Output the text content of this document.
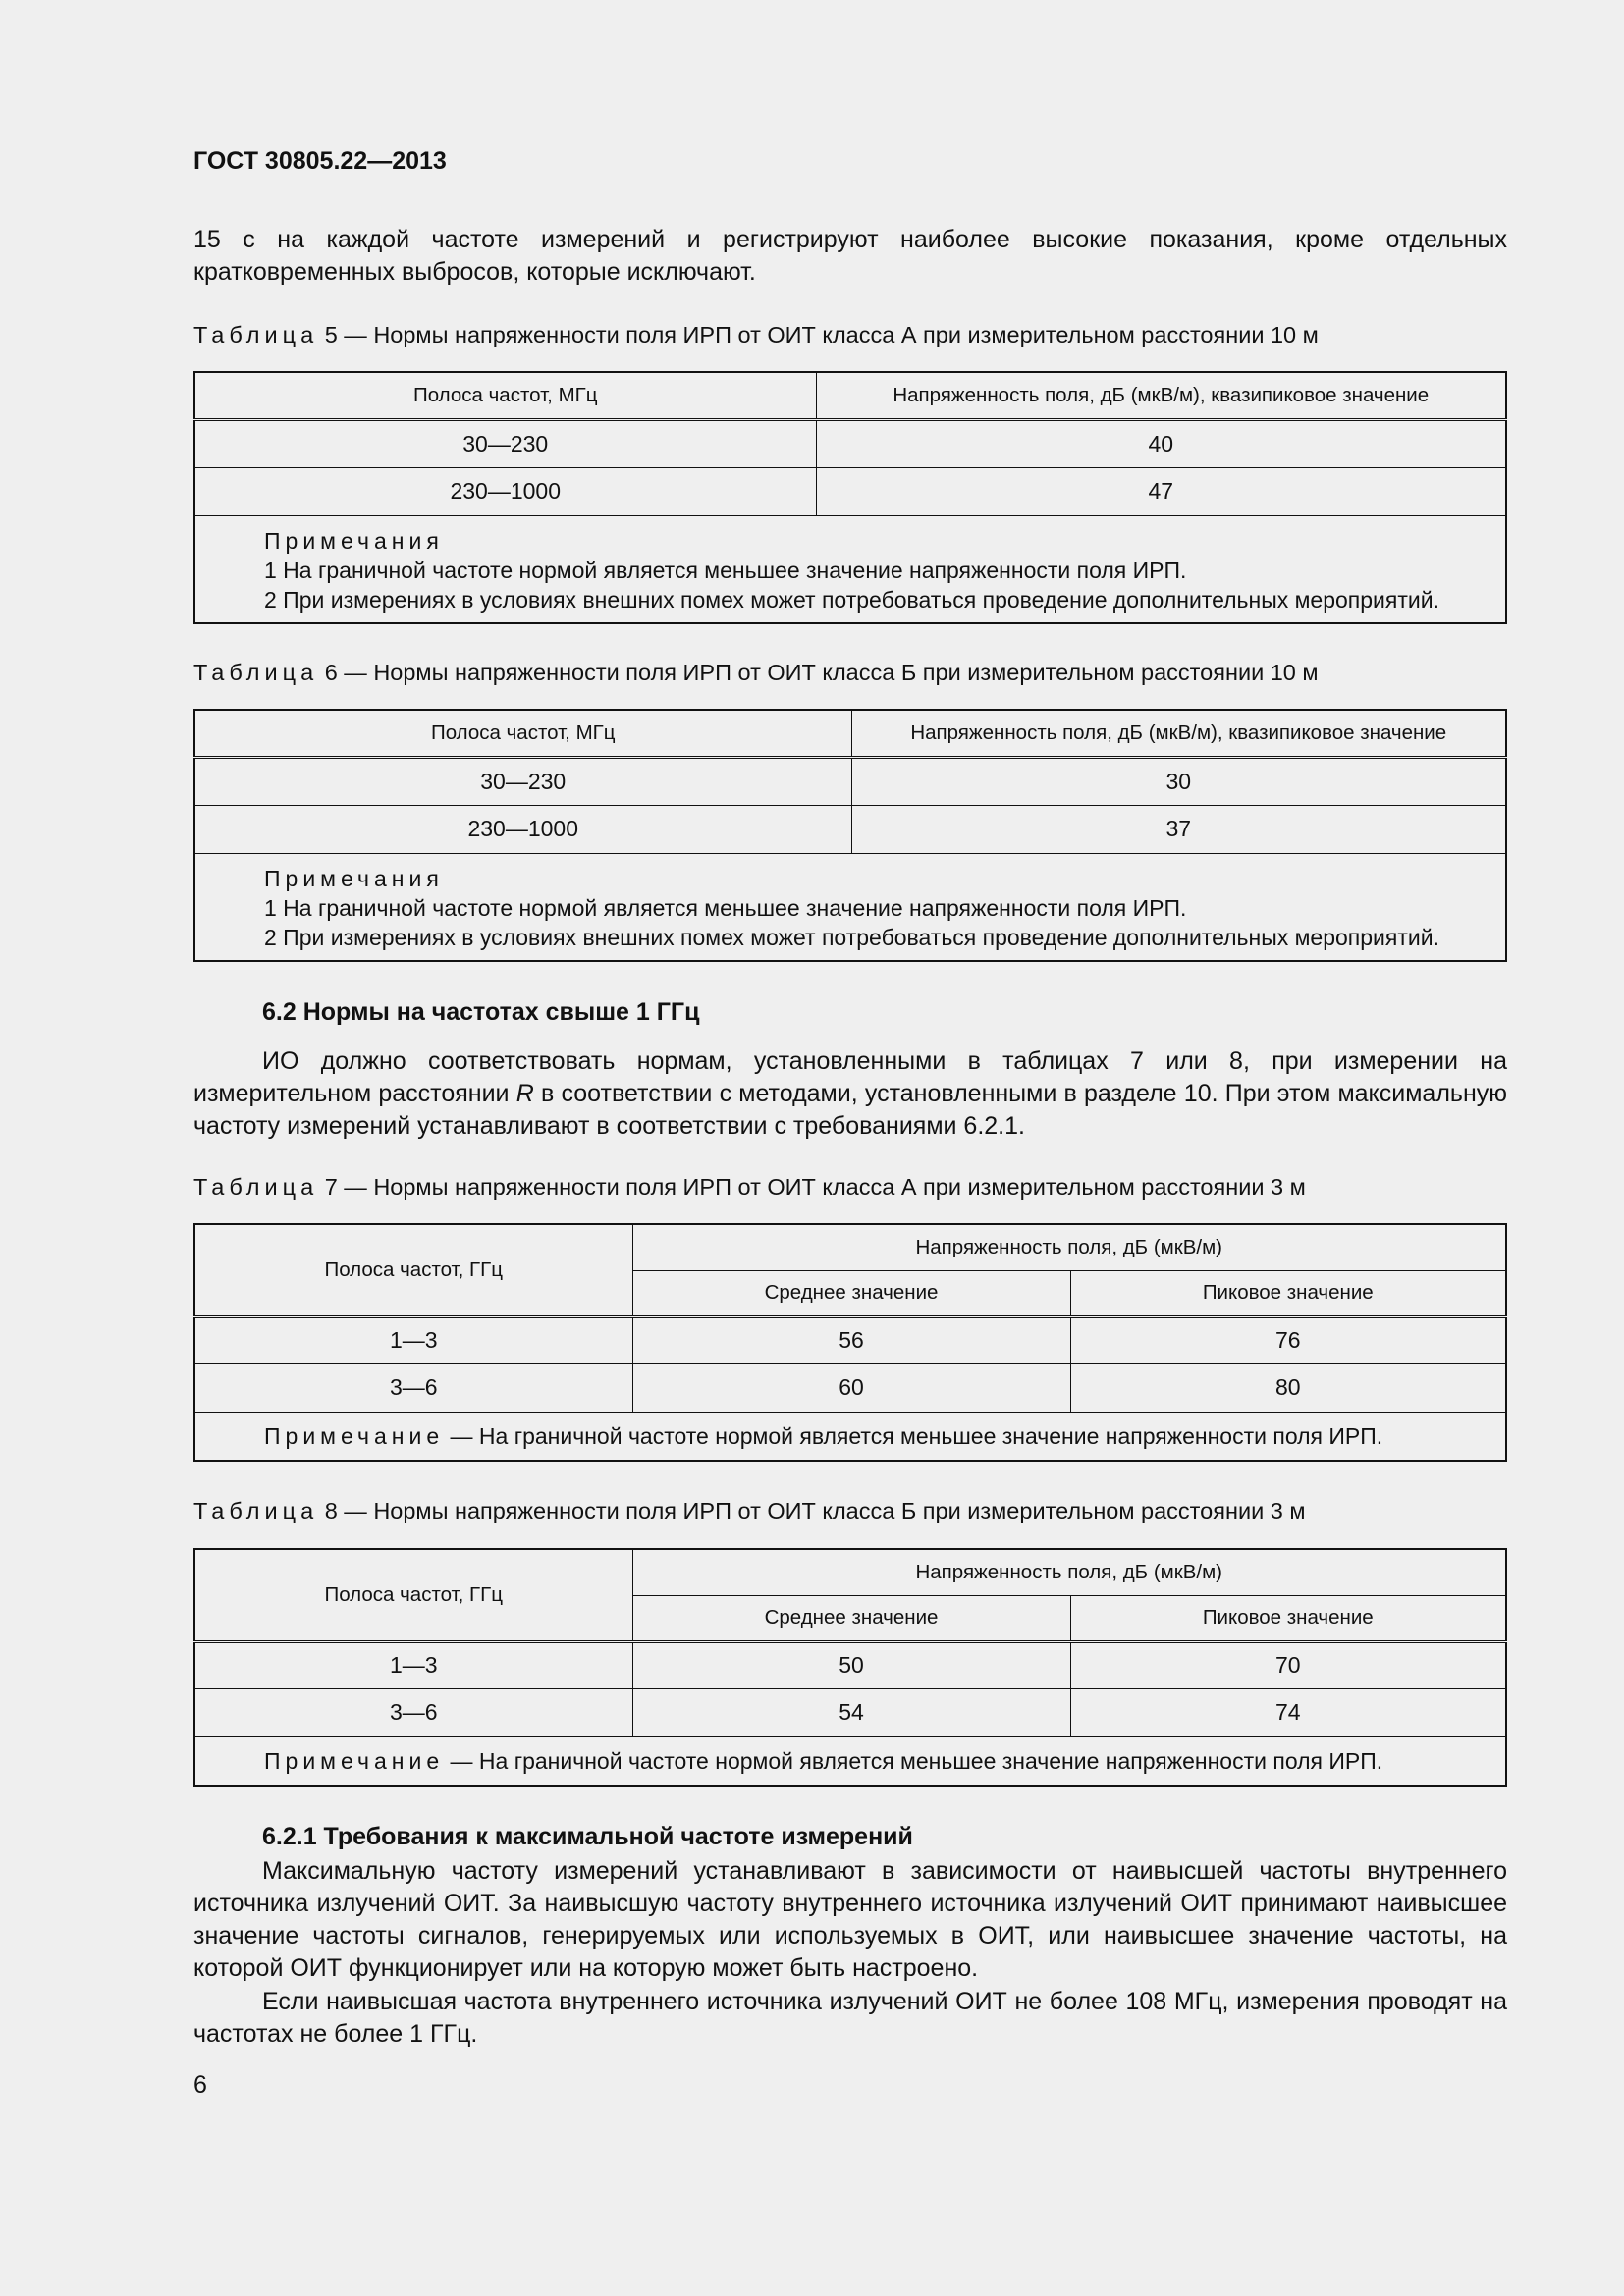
ГОСТ 30805.22—2013

15 с на каждой частоте измерений и регистрируют наиболее высокие показания, кроме отдельных кратковременных выбросов, которые исключают.

Таблица 5 — Нормы напряженности поля ИРП от ОИТ класса А при измерительном расстоянии 10 м
Полоса частот, МГц	Напряженность поля, дБ (мкВ/м), квазипиковое значение
30—230	40
230—1000	47

Примечания
1 На граничной частоте нормой является меньшее значение напряженности поля ИРП.
2 При измерениях в условиях внешних помех может потребоваться проведение дополнительных мероприятий.	
Таблица 6 — Нормы напряженности поля ИРП от ОИТ класса Б при измерительном расстоянии 10 м
Полоса частот, МГц	Напряженность поля, дБ (мкВ/м), квазипиковое значение
30—230	30
230—1000	37

Примечания
1 На граничной частоте нормой является меньшее значение напряженности поля ИРП.
2 При измерениях в условиях внешних помех может потребоваться проведение дополнительных мероприятий.	
6.2 Нормы на частотах свыше 1 ГГц

ИО должно соответствовать нормам, установленными в таблицах 7 или 8, при измерении на измерительном расстоянии R в соответствии с методами, установленными в разделе 10. При этом максимальную частоту измерений устанавливают в соответствии с требованиями 6.2.1.

Таблица 7 — Нормы напряженности поля ИРП от ОИТ класса А при измерительном расстоянии 3 м
Полоса частот, ГГц	Напряженность поля, дБ (мкВ/м)	
	Среднее значение	Пиковое значение
1—3	56	76
3—6	60	80
Примечание — На граничной частоте нормой является меньшее значение напряженности поля ИРП.		
Таблица 8 — Нормы напряженности поля ИРП от ОИТ класса Б при измерительном расстоянии 3 м
Полоса частот, ГГц	Напряженность поля, дБ (мкВ/м)	
	Среднее значение	Пиковое значение
1—3	50	70
3—6	54	74
Примечание — На граничной частоте нормой является меньшее значение напряженности поля ИРП.		
6.2.1 Требования к максимальной частоте измерений

Максимальную частоту измерений устанавливают в зависимости от наивысшей частоты внутреннего источника излучений ОИТ. За наивысшую частоту внутреннего источника излучений ОИТ принимают наивысшее значение частоты сигналов, генерируемых или используемых в ОИТ, или наивысшее значение частоты, на которой ОИТ функционирует или на которую может быть настроено.

Если наивысшая частота внутреннего источника излучений ОИТ не более 108 МГц, измерения проводят на частотах не более 1 ГГц.

6
